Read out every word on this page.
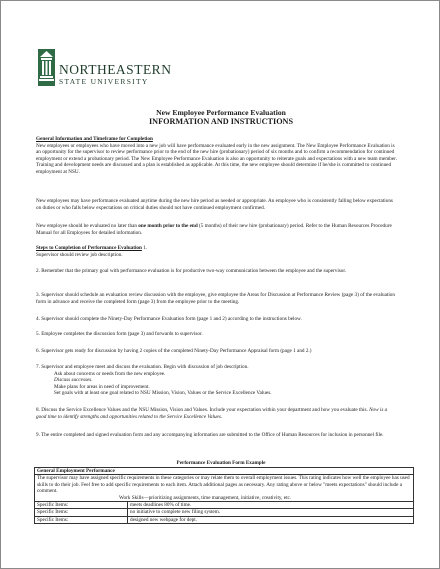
NORTHEASTERN
STATE UNIVERSITY
New Employee Performance Evaluation
INFORMATION AND INSTRUCTIONS

General Information and Timeframe for Completion

New employees or employees who have moved into a new job will have performance evaluated early in the new assignment. The New Employee Performance Evaluation is an opportunity for the supervisor to review performance prior to the end of the new hire (probationary) period of six months and to confirm a recommendation for continued employment or extend a probationary period. The New Employee Performance Evaluation is also an opportunity to reiterate goals and expectations with a new team member. Training and development needs are discussed and a plan is established as applicable. At this time, the new employee should determine if he/she is committed to continued employment at NSU.

New employees may have performance evaluated anytime during the new hire period as needed or appropriate. An employee who is consistently falling below expectations on duties or who falls below expectations on critical duties should not have continued employment confirmed.

New employee should be evaluated no later than one month prior to the end (5 months) of their new hire (probationary) period. Refer to the Human Resources Procedure Manual for all Employees for detailed information.

Steps to Completion of Performance Evaluation 1.

Supervisor should review job description.

2. Remember that the primary goal with performance evaluation is for productive two-way communication between the employee and the supervisor.

3. Supervisor should schedule an evaluation review discussion with the employee, give employee the Areas for Discussion at Performance Review (page 3) of the evaluation form in advance and receive the completed form (page 3) from the employee prior to the meeting.

4. Supervisor should complete the Ninety-Day Performance Evaluation form (page 1 and 2) according to the instructions below.

5. Employee completes the discussion form (page 3) and forwards to supervisor.

6. Supervisor gets ready for discussion by having 2 copies of the completed Ninety-Day Performance Appraisal form (page 1 and 2.)

7. Supervisor and employee meet and discuss the evaluation. Begin with discussion of job description.

Ask about concerns or needs from the new employee.

Discuss successes.

Make plans for areas in need of improvement.

Set goals with at least one goal related to NSU Mission, Vision, Values or the Service Excellence Values.

8. Discuss the Service Excellence Values and the NSU Mission, Vision and Values. Include your expectation within your department and how you evaluate this. Now is a good time to identify strengths and opportunities related to the Service Excellence Values.

9. The entire completed and signed evaluation form and any accompanying information are submitted to the Office of Human Resources for inclusion in personnel file.

Performance Evaluation Form Example
General Employment Performance	

The supervisor may have assigned specific requirements in these categories or may relate them to overall employment issues. This rating indicates how well the employee has used skills to do their job. Feel free to add specific requirements to each item. Attach additional pages as necessary. Any rating above or below "meets expectations" should include a comment.
Work Skills—prioritizing assignments, time management, initiative, creativity, etc.	

Specific Items:	meets deadlines 80% of time.
Specific Items:	no initiative to complete new filing system.
Specific Items:	designed new webpage for dept.
